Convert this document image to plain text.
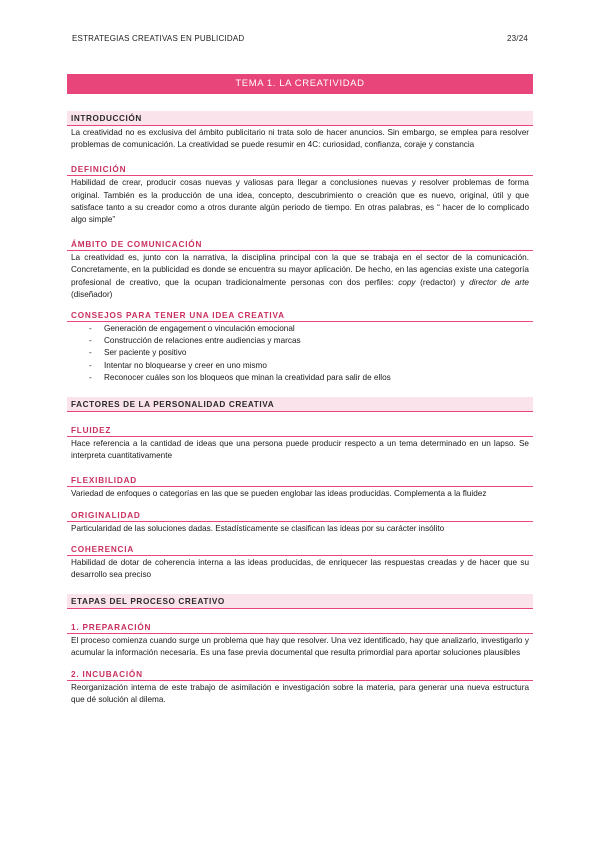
ESTRATEGIAS CREATIVAS EN PUBLICIDAD	23/24
TEMA 1. LA CREATIVIDAD
INTRODUCCIÓN

La creatividad no es exclusiva del ámbito publicitario ni trata solo de hacer anuncios. Sin embargo, se emplea para resolver problemas de comunicación. La creatividad se puede resumir en 4C: curiosidad, confianza, coraje y constancia

DEFINICIÓN

Habilidad de crear, producir cosas nuevas y valiosas para llegar a conclusiones nuevas y resolver problemas de forma original. También es la producción de una idea, concepto, descubrimiento o creación que es nuevo, original, útil y que satisface tanto a su creador como a otros durante algún periodo de tiempo. En otras palabras, es “ hacer de lo complicado algo simple”

ÁMBITO DE COMUNICACIÓN

La creatividad es, junto con la narrativa, la disciplina principal con la que se trabaja en el sector de la comunicación. Concretamente, en la publicidad es donde se encuentra su mayor aplicación. De hecho, en las agencias existe una categoría profesional de creativo, que la ocupan tradicionalmente personas con dos perfiles: copy (redactor) y director de arte (diseñador)

CONSEJOS PARA TENER UNA IDEA CREATIVA
- Generación de engagement o vinculación emocional
- Construcción de relaciones entre audiencias y marcas
- Ser paciente y positivo
- Intentar no bloquearse y creer en uno mismo
- Reconocer cuáles son los bloqueos que minan la creatividad para salir de ellos
FACTORES DE LA PERSONALIDAD CREATIVA
FLUIDEZ

Hace referencia a la cantidad de ideas que una persona puede producir respecto a un tema determinado en un lapso. Se interpreta cuantitativamente

FLEXIBILIDAD

Variedad de enfoques o categorías en las que se pueden englobar las ideas producidas. Complementa a la fluidez

ORIGINALIDAD

Particularidad de las soluciones dadas. Estadísticamente se clasifican las ideas por su carácter insólito

COHERENCIA

Habilidad de dotar de coherencia interna a las ideas producidas, de enriquecer las respuestas creadas y de hacer que su desarrollo sea preciso

ETAPAS DEL PROCESO CREATIVO
1. PREPARACIÓN

El proceso comienza cuando surge un problema que hay que resolver. Una vez identificado, hay que analizarlo, investigarlo y acumular la información necesaria. Es una fase previa documental que resulta primordial para aportar soluciones plausibles

2. INCUBACIÓN

Reorganización interna de este trabajo de asimilación e investigación sobre la materia, para generar una nueva estructura que dé solución al dilema.
